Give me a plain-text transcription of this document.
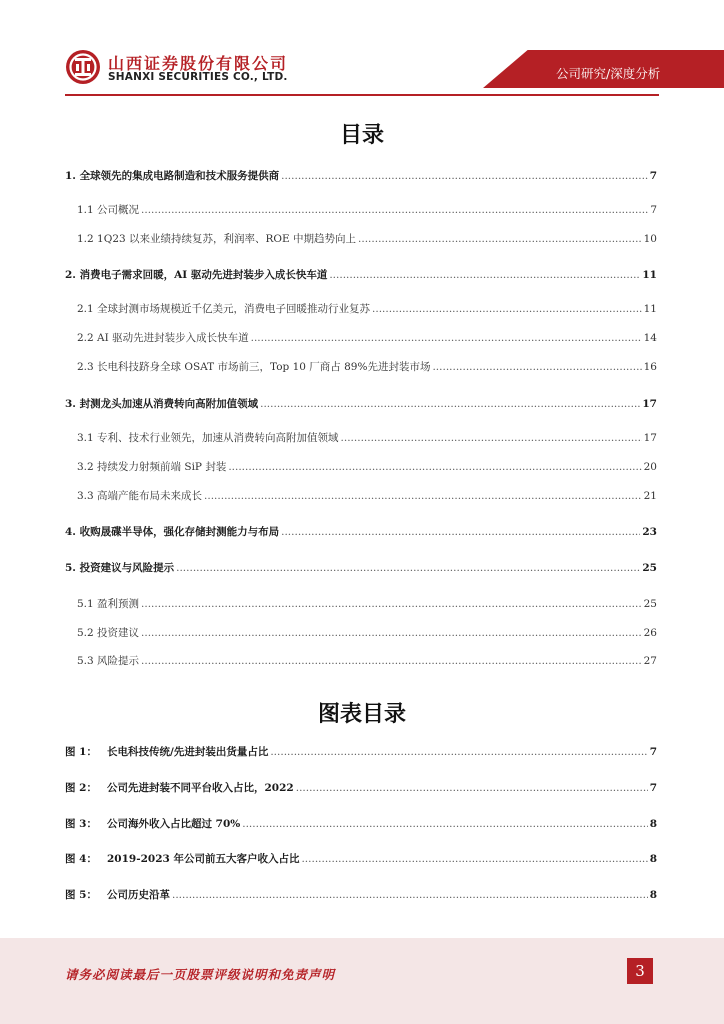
山西证券股份有限公司
SHANXI SECURITIES CO., LTD.	公司研究/深度分析
目录
1. 全球领先的集成电路制造和技术服务提供商 .....	7
1.1 公司概况 .....	7
1.2 1Q23 以来业绩持续复苏，利润率、ROE 中期趋势向上 .....	10
2. 消费电子需求回暖，AI 驱动先进封装步入成长快车道 .....	11
2.1 全球封测市场规模近千亿美元，消费电子回暖推动行业复苏 .....	11
2.2 AI 驱动先进封装步入成长快车道 .....	14
2.3 长电科技跻身全球 OSAT 市场前三，Top 10 厂商占 89%先进封装市场 .....	16
3. 封测龙头加速从消费转向高附加值领域 .....	17
3.1 专利、技术行业领先，加速从消费转向高附加值领域 .....	17
3.2 持续发力射频前端 SiP 封装 .....	20
3.3 高端产能布局未来成长 .....	21
4. 收购晟碟半导体，强化存储封测能力与布局 .....	23
5. 投资建议与风险提示 .....	25
5.1 盈利预测 .....	25
5.2 投资建议 .....	26
5.3 风险提示 .....	27
图表目录
图 1： 长电科技传统/先进封装出货量占比 .....	7
图 2： 公司先进封装不同平台收入占比，2022 .....	7
图 3： 公司海外收入占比超过 70% .....	8
图 4： 2019-2023 年公司前五大客户收入占比 .....	8
图 5： 公司历史沿革 .....	8
请务必阅读最后一页股票评级说明和免责声明	3
